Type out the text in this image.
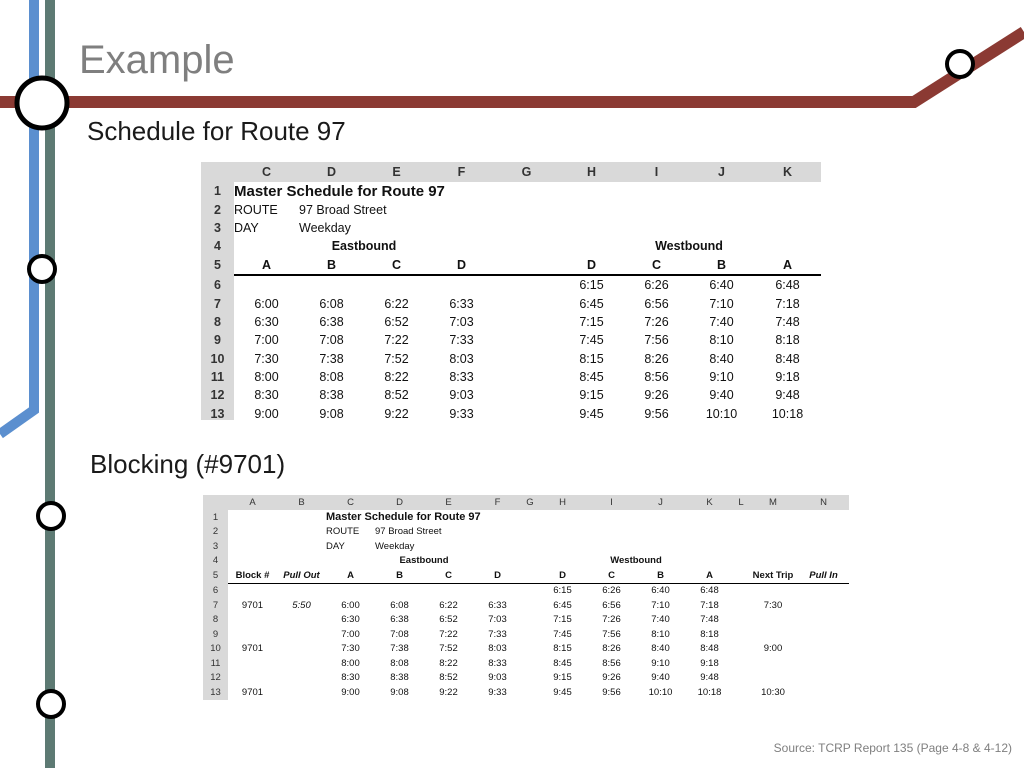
Example
Schedule for Route 97
Blocking (#9701)
	C	D	E	F	G	H	I	J	K
1	Master Schedule for Route 97								
2	ROUTE	97 Broad Street							
3	DAY	Weekday							
4		Eastbound					Westbound		
5	A	B	C	D		D	C	B	A
6						6:15	6:26	6:40	6:48
7	6:00	6:08	6:22	6:33		6:45	6:56	7:10	7:18
8	6:30	6:38	6:52	7:03		7:15	7:26	7:40	7:48
9	7:00	7:08	7:22	7:33		7:45	7:56	8:10	8:18
10	7:30	7:38	7:52	8:03		8:15	8:26	8:40	8:48
11	8:00	8:08	8:22	8:33		8:45	8:56	9:10	9:18
12	8:30	8:38	8:52	9:03		9:15	9:26	9:40	9:48
13	9:00	9:08	9:22	9:33		9:45	9:56	10:10	10:18
	A	B	C	D	E	F	G	H	I	J	K	L	M	N
1			Master Schedule for Route 97											
2			ROUTE	97 Broad Street										
3			DAY	Weekday										
4				Eastbound					Westbound					
5	Block #	Pull Out	A	B	C	D		D	C	B	A		Next Trip	Pull In
6								6:15	6:26	6:40	6:48			
7	9701	5:50	6:00	6:08	6:22	6:33		6:45	6:56	7:10	7:18		7:30	
8			6:30	6:38	6:52	7:03		7:15	7:26	7:40	7:48			
9			7:00	7:08	7:22	7:33		7:45	7:56	8:10	8:18			
10	9701		7:30	7:38	7:52	8:03		8:15	8:26	8:40	8:48		9:00	
11			8:00	8:08	8:22	8:33		8:45	8:56	9:10	9:18			
12			8:30	8:38	8:52	9:03		9:15	9:26	9:40	9:48			
13	9701		9:00	9:08	9:22	9:33		9:45	9:56	10:10	10:18		10:30	
Source: TCRP Report 135 (Page 4-8 & 4-12)
